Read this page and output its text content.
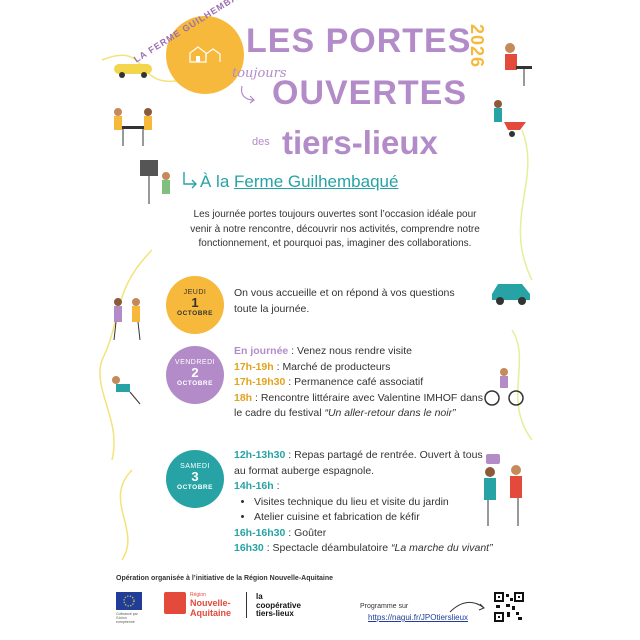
LA FERME	LES PORTES
toujours
OUVERTES
2026
des tiers-lieux
À la Ferme Guilhembaqué
Les journée portes toujours ouvertes sont l’occasion idéale pour venir à notre rencontre, découvrir nos activités, comprendre notre fonctionnement, et pourquoi pas, imaginer des collaborations.
JEUDI
1
OCTOBRE
VENDREDI
2
OCTOBRE
SAMEDI
3
OCTOBRE
On vous accueille et on répond à vos questions toute la journée.
En journée : Venez nous rendre visite
17h-19h : Marché de producteurs
17h-19h30 : Permanence café associatif
18h : Rencontre littéraire avec Valentine IMHOF dans le cadre du festival “Un aller-retour dans le noir”
12h-13h30 : Repas partagé de rentrée. Ouvert à tous au format auberge espagnole.
14h-16h :
• Visites technique du lieu et visite du jardin
• Atelier cuisine et fabrication de kéfir
16h-16h30 : Goûter
16h30 : Spectacle déambulatoire “La marche du vivant”
Opération organisée à l’initiative de la Région Nouvelle-Aquitaine
Cofinancé par l’Union européenne
Région
Nouvelle-
Aquitaine
la
coopérative
tiers-lieux
Programme sur
https://nagui.fr/JPOtierslieux
